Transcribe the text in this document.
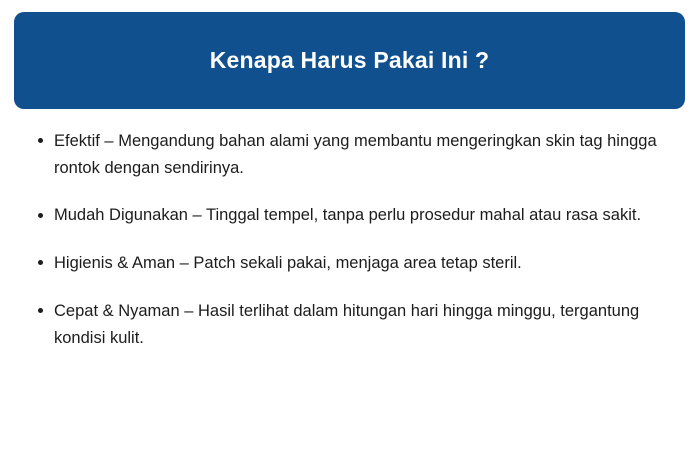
Kenapa Harus Pakai Ini ?
Efektif – Mengandung bahan alami yang membantu mengeringkan skin tag hingga rontok dengan sendirinya.
Mudah Digunakan – Tinggal tempel, tanpa perlu prosedur mahal atau rasa sakit.
Higienis & Aman – Patch sekali pakai, menjaga area tetap steril.
Cepat & Nyaman – Hasil terlihat dalam hitungan hari hingga minggu, tergantung kondisi kulit.
